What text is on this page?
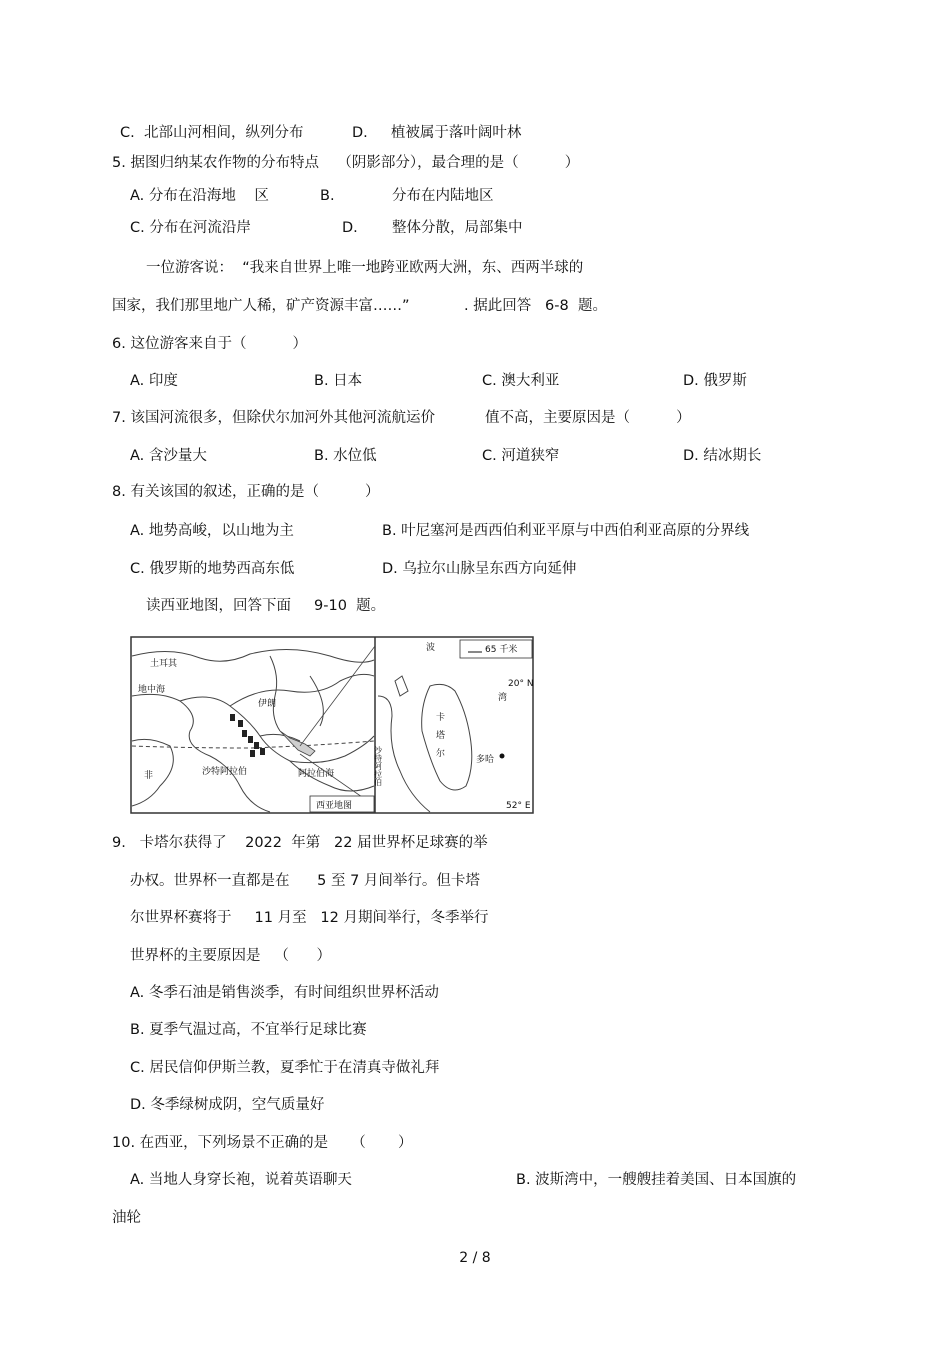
C.  北部山河相间，纵列分布	D.     植被属于落叶阔叶林
5. 据图归纳某农作物的分布特点    （阴影部分），最合理的是（          ）
A. 分布在沿海地    区	B.	分布在内陆地区
C. 分布在河流沿岸	D. 整体分散，局部集中
一位游客说：  “我来自世界上唯一地跨亚欧两大洲，东、西两半球的
国家，我们那里地广人稀，矿产资源丰富……”	. 据此回答   6-8  题。
6. 这位游客来自于（          ）
A. 印度	B. 日本	C. 澳大利亚	D. 俄罗斯
7. 该国河流很多，但除伏尔加河外其他河流航运价	值不高，主要原因是（          ）
A. 含沙量大	B. 水位低	C. 河道狭窄	D. 结冰期长
8. 有关该国的叙述，正确的是（          ）
A. 地势高峻，以山地为主	B. 叶尼塞河是西西伯利亚平原与中西伯利亚高原的分界线
C. 俄罗斯的地势西高东低	D. 乌拉尔山脉呈东西方向延伸
读西亚地图，回答下面     9-10  题。
土耳其
地中海
伊朗
沙特阿拉伯	阿拉伯海
非
西亚地图
波
湾
卡
塔
尔
多哈
65 千米
20° N
52° E
沙特阿拉伯
9.   卡塔尔获得了    2022  年第   22 届世界杯足球赛的举
办权。世界杯一直都是在      5 至 7 月间举行。但卡塔
尔世界杯赛将于     11 月至   12 月期间举行，冬季举行
世界杯的主要原因是   （      ）
A. 冬季石油是销售淡季，有时间组织世界杯活动
B. 夏季气温过高，不宜举行足球比赛
C. 居民信仰伊斯兰教，夏季忙于在清真寺做礼拜
D. 冬季绿树成阴，空气质量好
10. 在西亚，下列场景不正确的是     （       ）
A. 当地人身穿长袍，说着英语聊天	B. 波斯湾中，一艘艘挂着美国、日本国旗的
油轮
2 / 8
